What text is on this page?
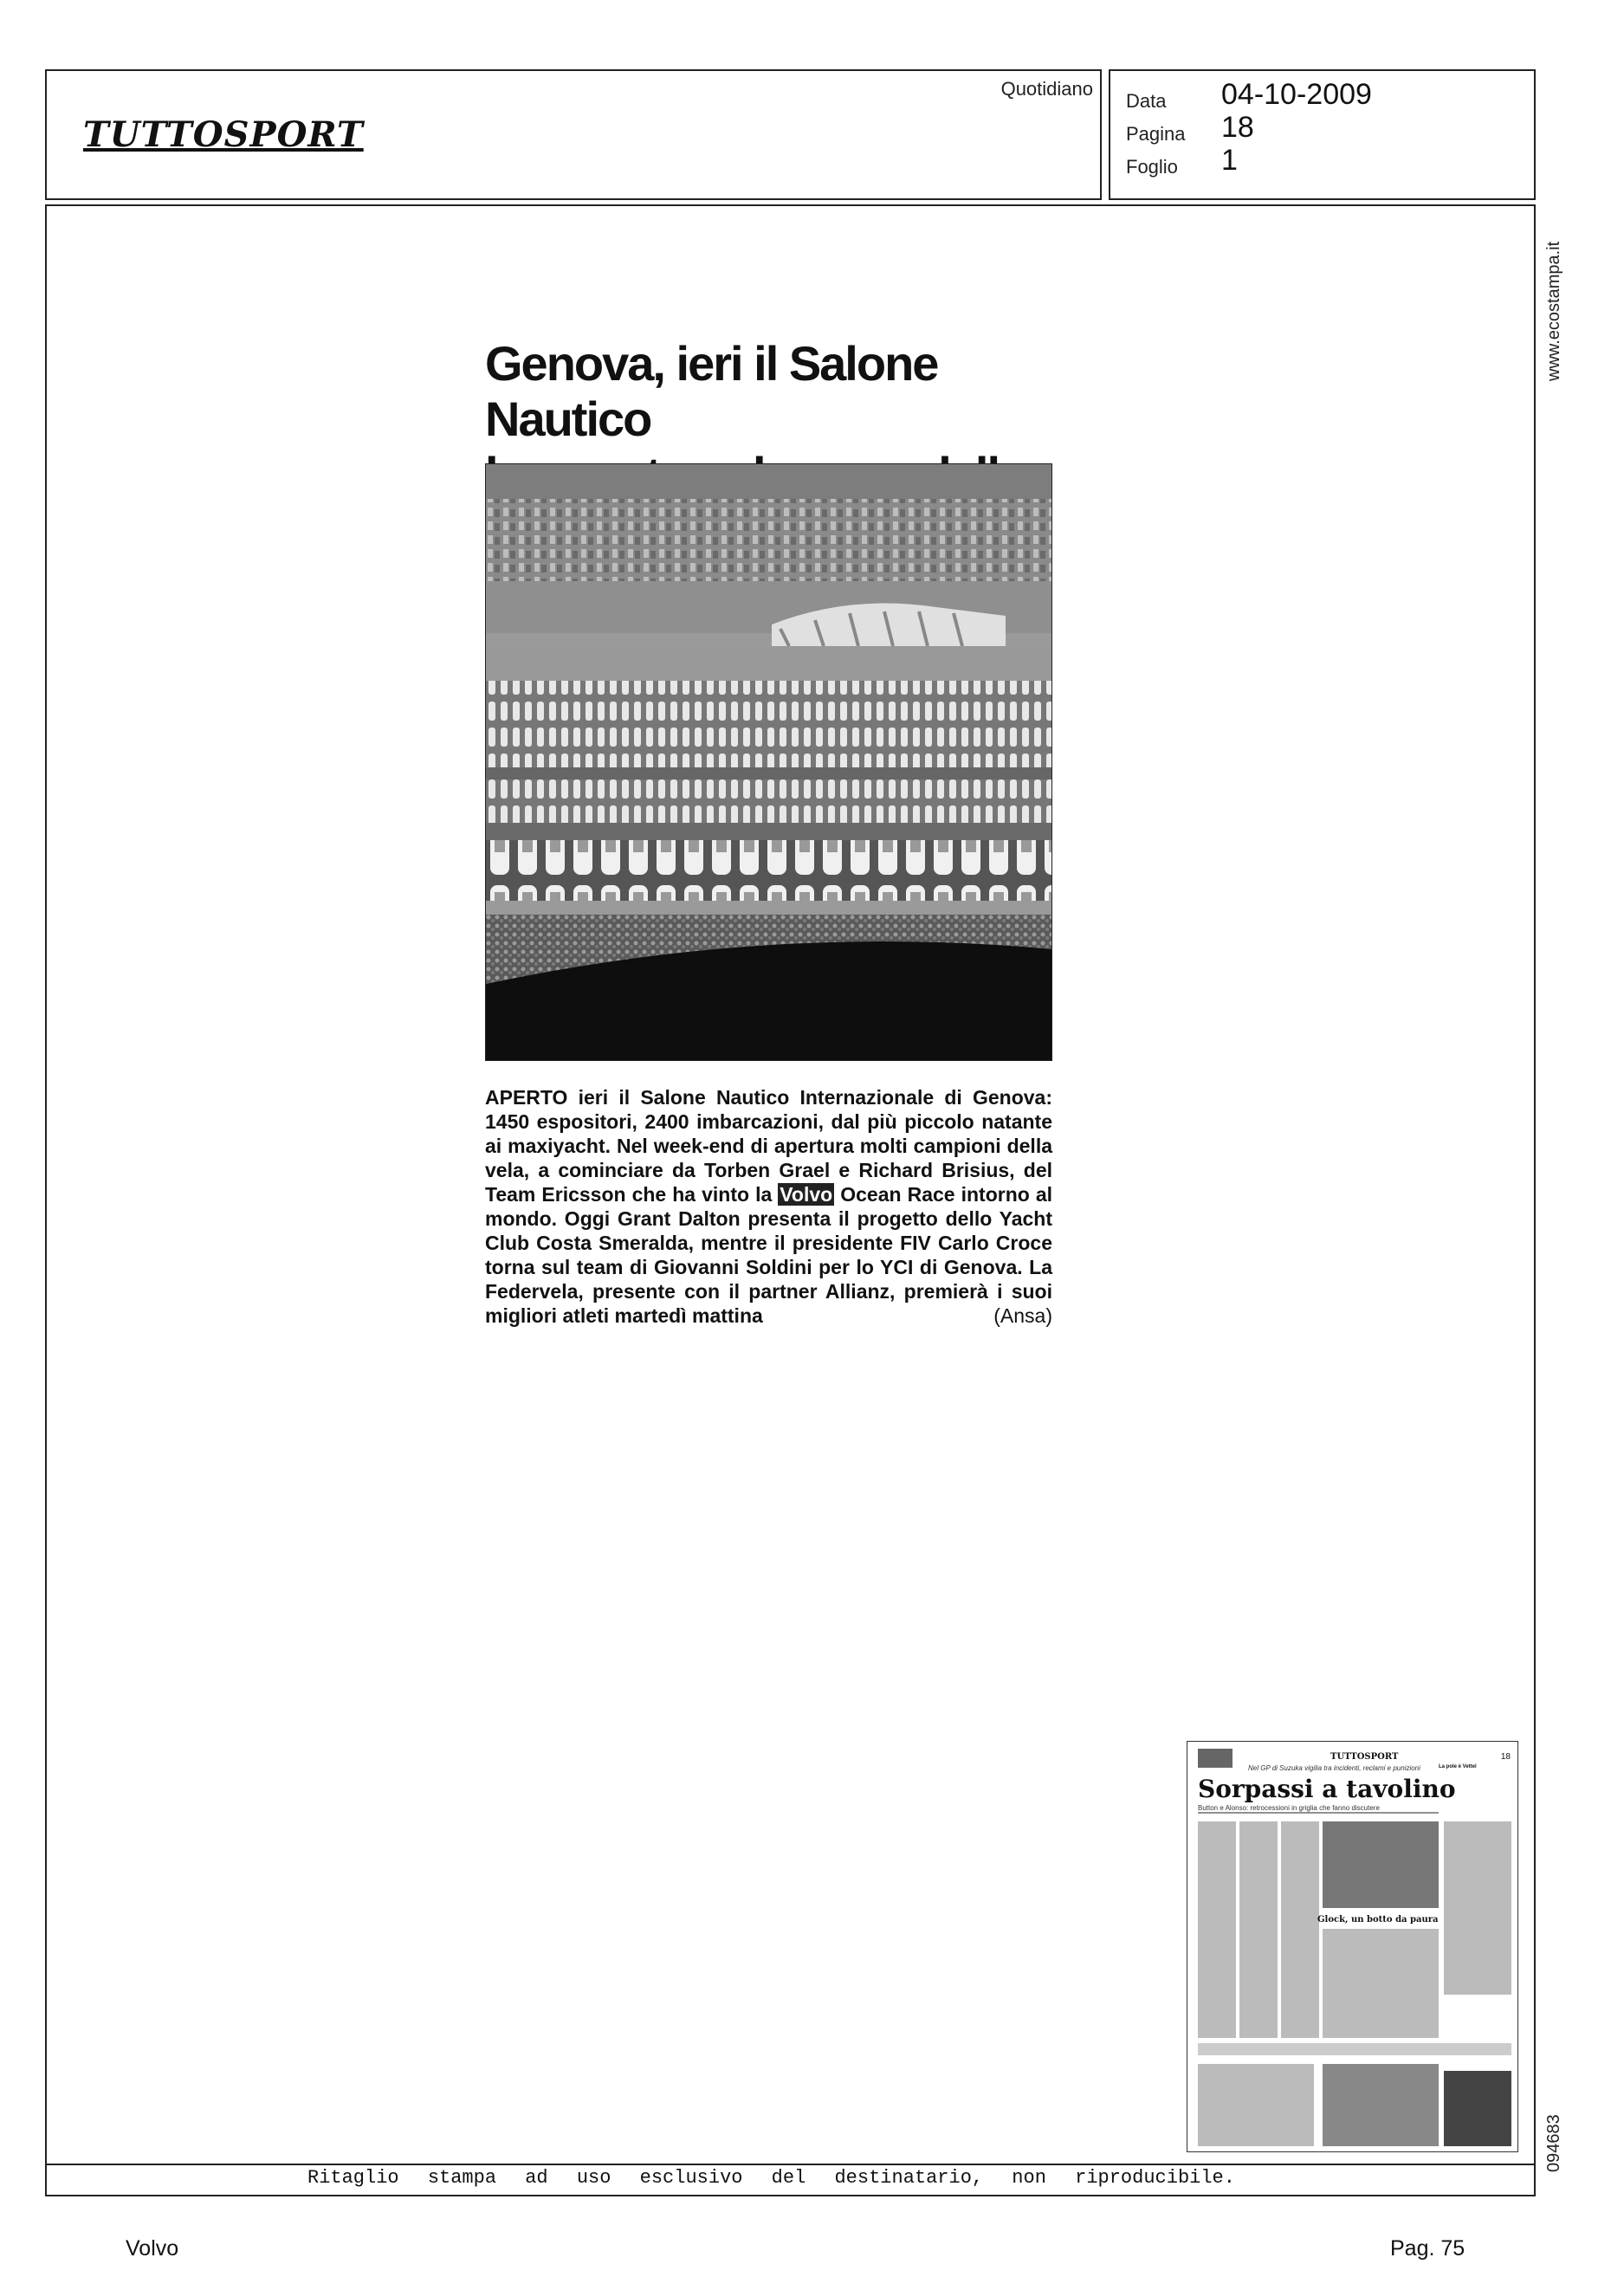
TUTTOSPORT
Quotidiano
Data 04-10-2009
Pagina 18
Foglio 1
www.ecostampa.it
094683
Genova, ieri il Salone Nautico
APERTO ieri il Salone Nautico Internazionale di Genova: 1450 espositori, 2400 imbarcazioni, dal più piccolo natante ai maxiyacht. Nel week-end di apertura molti campioni della vela, a cominciare da Torben Grael e Richard Brisius, del Team Ericsson che ha vinto la Volvo Ocean Race intorno al mondo. Oggi Grant Dalton presenta il progetto dello Yacht Club Costa Smeralda, mentre il presidente FIV Carlo Croce torna sul team di Giovanni Soldini per lo YCI di Genova. La Federvela, presente con il partner Allianz, premierà i suoi migliori atleti martedì mattina	(Ansa)
TUTTOSPORT	18
Nel GP di Suzuka vigilia tra incidenti, reclami e punizioni
Sorpassi a tavolino
Button e Alonso: retrocessioni in griglia che fanno discutere
Glock, un botto da paura
La pole è Vettel
Ritaglio stampa ad uso esclusivo del destinatario, non riproducibile.
Volvo	Pag. 75
